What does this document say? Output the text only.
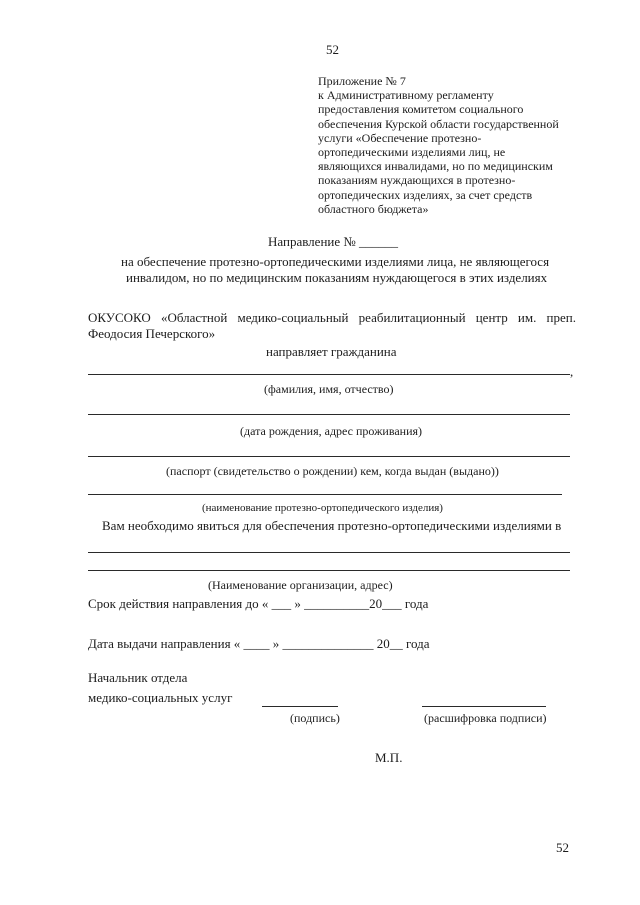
52
Приложение № 7
к Административному регламенту
предоставления комитетом социального
обеспечения Курской области государственной
услуги «Обеспечение протезно-
ортопедическими изделиями лиц, не
являющихся инвалидами, но по медицинским
показаниям нуждающихся в протезно-
ортопедических изделиях, за счет средств
областного бюджета»
Направление № ______
на обеспечение протезно-ортопедическими изделиями лица, не являющегося
инвалидом, но по медицинским показаниям нуждающегося в этих изделиях
ОКУСОКО «Областной медико-социальный реабилитационный центр им. преп.
Феодосия Печерского»
направляет гражданина
,
(фамилия, имя, отчество)
(дата рождения, адрес проживания)
(паспорт (свидетельство о рождении) кем, когда выдан (выдано))
(наименование протезно-ортопедического изделия)
Вам необходимо явиться для обеспечения протезно-ортопедическими изделиями в
(Наименование организации, адрес)
Срок действия направления до « ___ » __________20___ года
Дата выдачи направления « ____ » ______________ 20__ года
Начальник отдела
медико-социальных услуг
(подпись)	(расшифровка подписи)
М.П.
52
